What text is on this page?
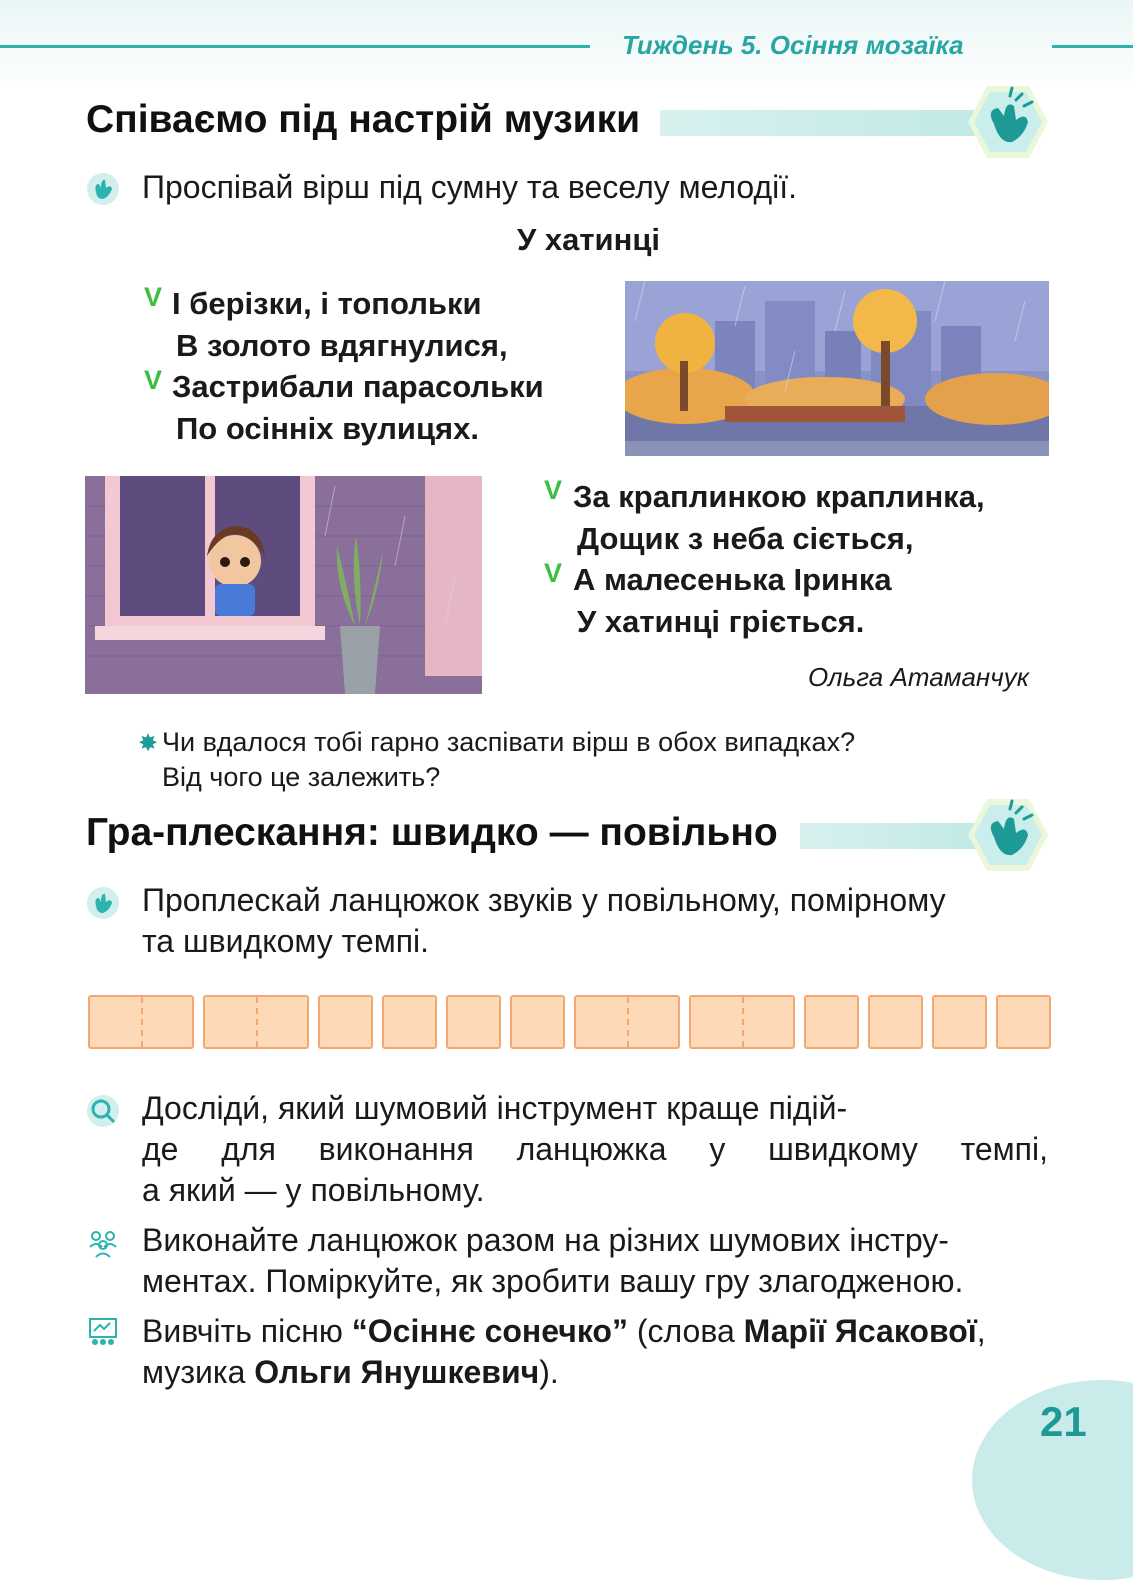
Тиждень 5. Осіння мозаїка
Співаємо під настрій музики
Проспівай вірш під сумну та веселу мелодії.
У хатинці
V І берізки, і топольки
В золото вдягнулися,
V Застрибали парасольки
По осінніх вулицях.
V За краплинкою краплинка,
Дощик з неба сіється,
V А малесенька Іринка
У хатинці гріється.
Ольга Атаманчук
✸ Чи вдалося тобі гарно заспівати вірш в обох випадках?
Від чого це залежить?
Гра-плескання: швидко — повільно
Проплескай ланцюжок звуків у повільному, помірному
та швидкому темпі.
Досліди́, який шумовий інструмент краще підій-
де для виконання ланцюжка у швидкому темпі,
а який — у повільному.
Виконайте ланцюжок разом на різних шумових інстру-
ментах. Поміркуйте, як зробити вашу гру злагодженою.
Вивчіть пісню “Осіннє сонечко” (слова Марії Ясакової,
музика Ольги Янушкевич).
21
